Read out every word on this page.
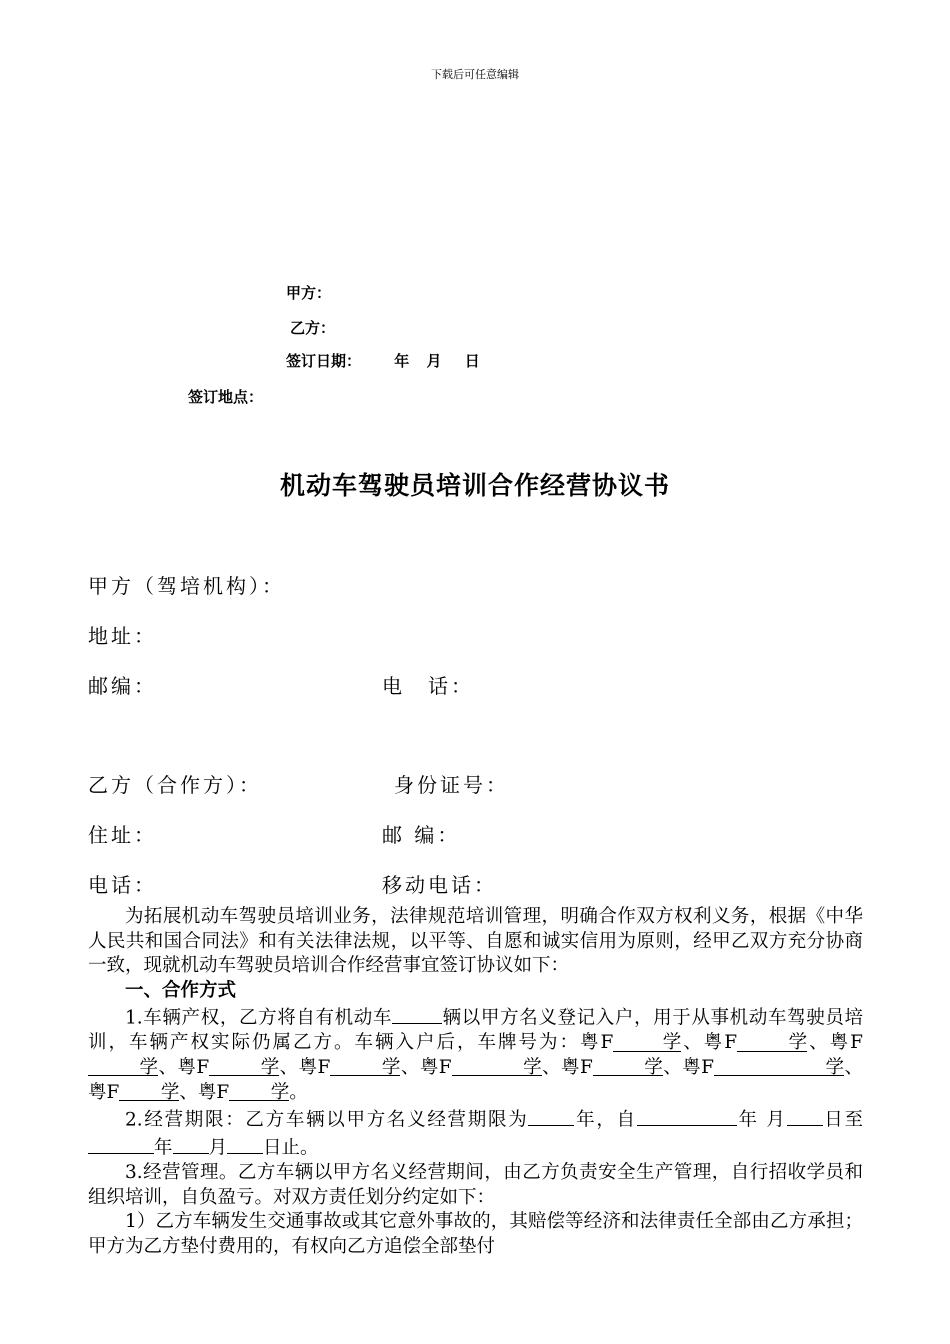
下载后可任意编辑
甲方：
乙方：
签订日期： 年 月 日
签订地点：
机动车驾驶员培训合作经营协议书
甲方（驾培机构）：
地址：
邮编：	电　话：
乙方（合作方）：	身份证号：
住址：	邮 编：
电话：	移动电话：

为拓展机动车驾驶员培训业务，法律规范培训管理，明确合作双方权利义务，根据《中华人民共和国合同法》和有关法律法规，以平等、自愿和诚实信用为原则，经甲乙双方充分协商一致，现就机动车驾驶员培训合作经营事宜签订协议如下：

一、合作方式

1.车辆产权，乙方将自有机动车	辆以甲方名义登记入户，用于从事机动车驾驶员培训，车辆产权实际仍属乙方。车辆入户后，车牌号为：粤F	学、粤F	学、粤F学、粤F	学、粤F	学、粤F	学、粤F	学、粤F	学、粤F 学、粤F 学。

2.经营期限：乙方车辆以甲方名义经营期限为 年，自	年 月 日至年 月 日止。

3.经营管理。乙方车辆以甲方名义经营期间，由乙方负责安全生产管理，自行招收学员和组织培训，自负盈亏。对双方责任划分约定如下：

1）乙方车辆发生交通事故或其它意外事故的，其赔偿等经济和法律责任全部由乙方承担；甲方为乙方垫付费用的，有权向乙方追偿全部垫付
